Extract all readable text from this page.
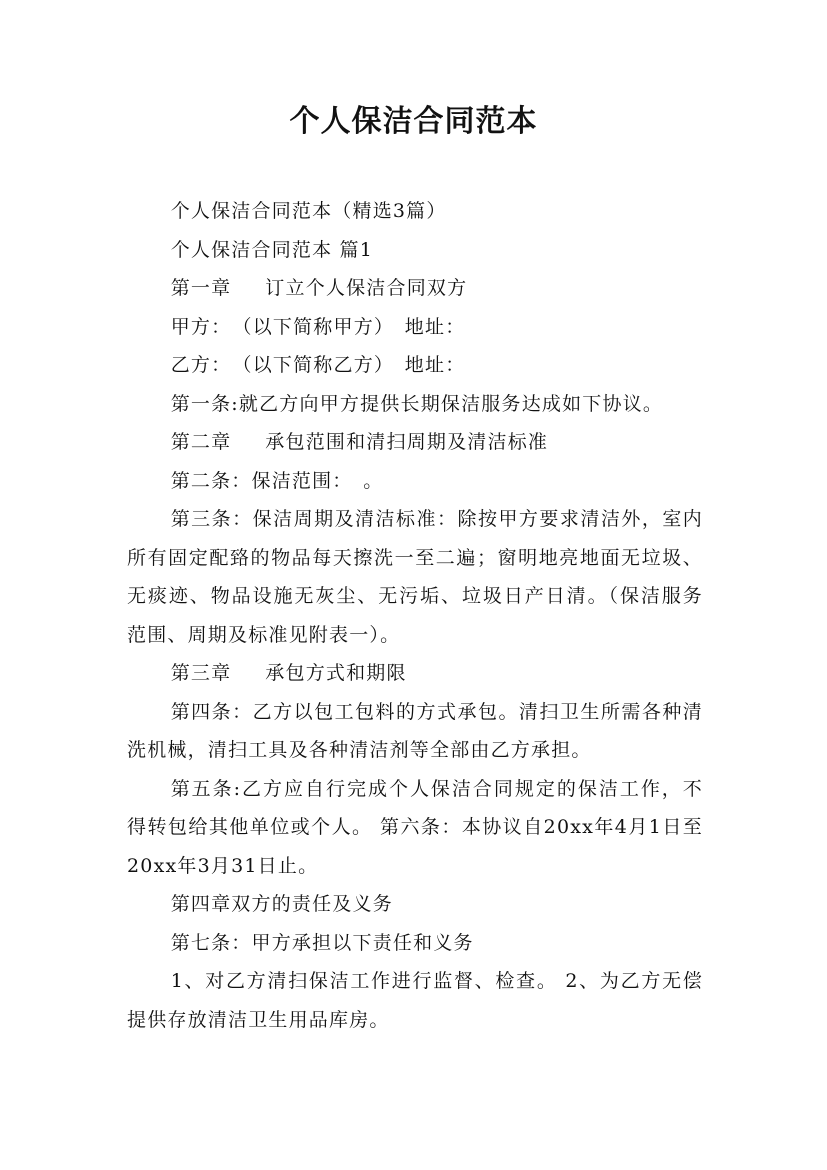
个人保洁合同范本

个人保洁合同范本（精选3篇）

个人保洁合同范本 篇1

第一章 订立个人保洁合同双方

甲方：　（以下简称甲方）　地址：

乙方：　（以下简称乙方）　地址：

第一条:就乙方向甲方提供长期保洁服务达成如下协议。

第二章 承包范围和清扫周期及清洁标准

第二条：保洁范围：　。

第三条：保洁周期及清洁标准：除按甲方要求清洁外，室内所有固定配臵的物品每天擦洗一至二遍；窗明地亮地面无垃圾、无痰迹、物品设施无灰尘、无污垢、垃圾日产日清。（保洁服务范围、周期及标准见附表一）。

第三章 承包方式和期限

第四条：乙方以包工包料的方式承包。清扫卫生所需各种清洗机械，清扫工具及各种清洁剂等全部由乙方承担。

第五条:乙方应自行完成个人保洁合同规定的保洁工作，不得转包给其他单位或个人。 第六条：本协议自20xx年4月1日至20xx年3月31日止。

第四章双方的责任及义务

第七条：甲方承担以下责任和义务

1、对乙方清扫保洁工作进行监督、检查。 2、为乙方无偿提供存放清洁卫生用品库房。
